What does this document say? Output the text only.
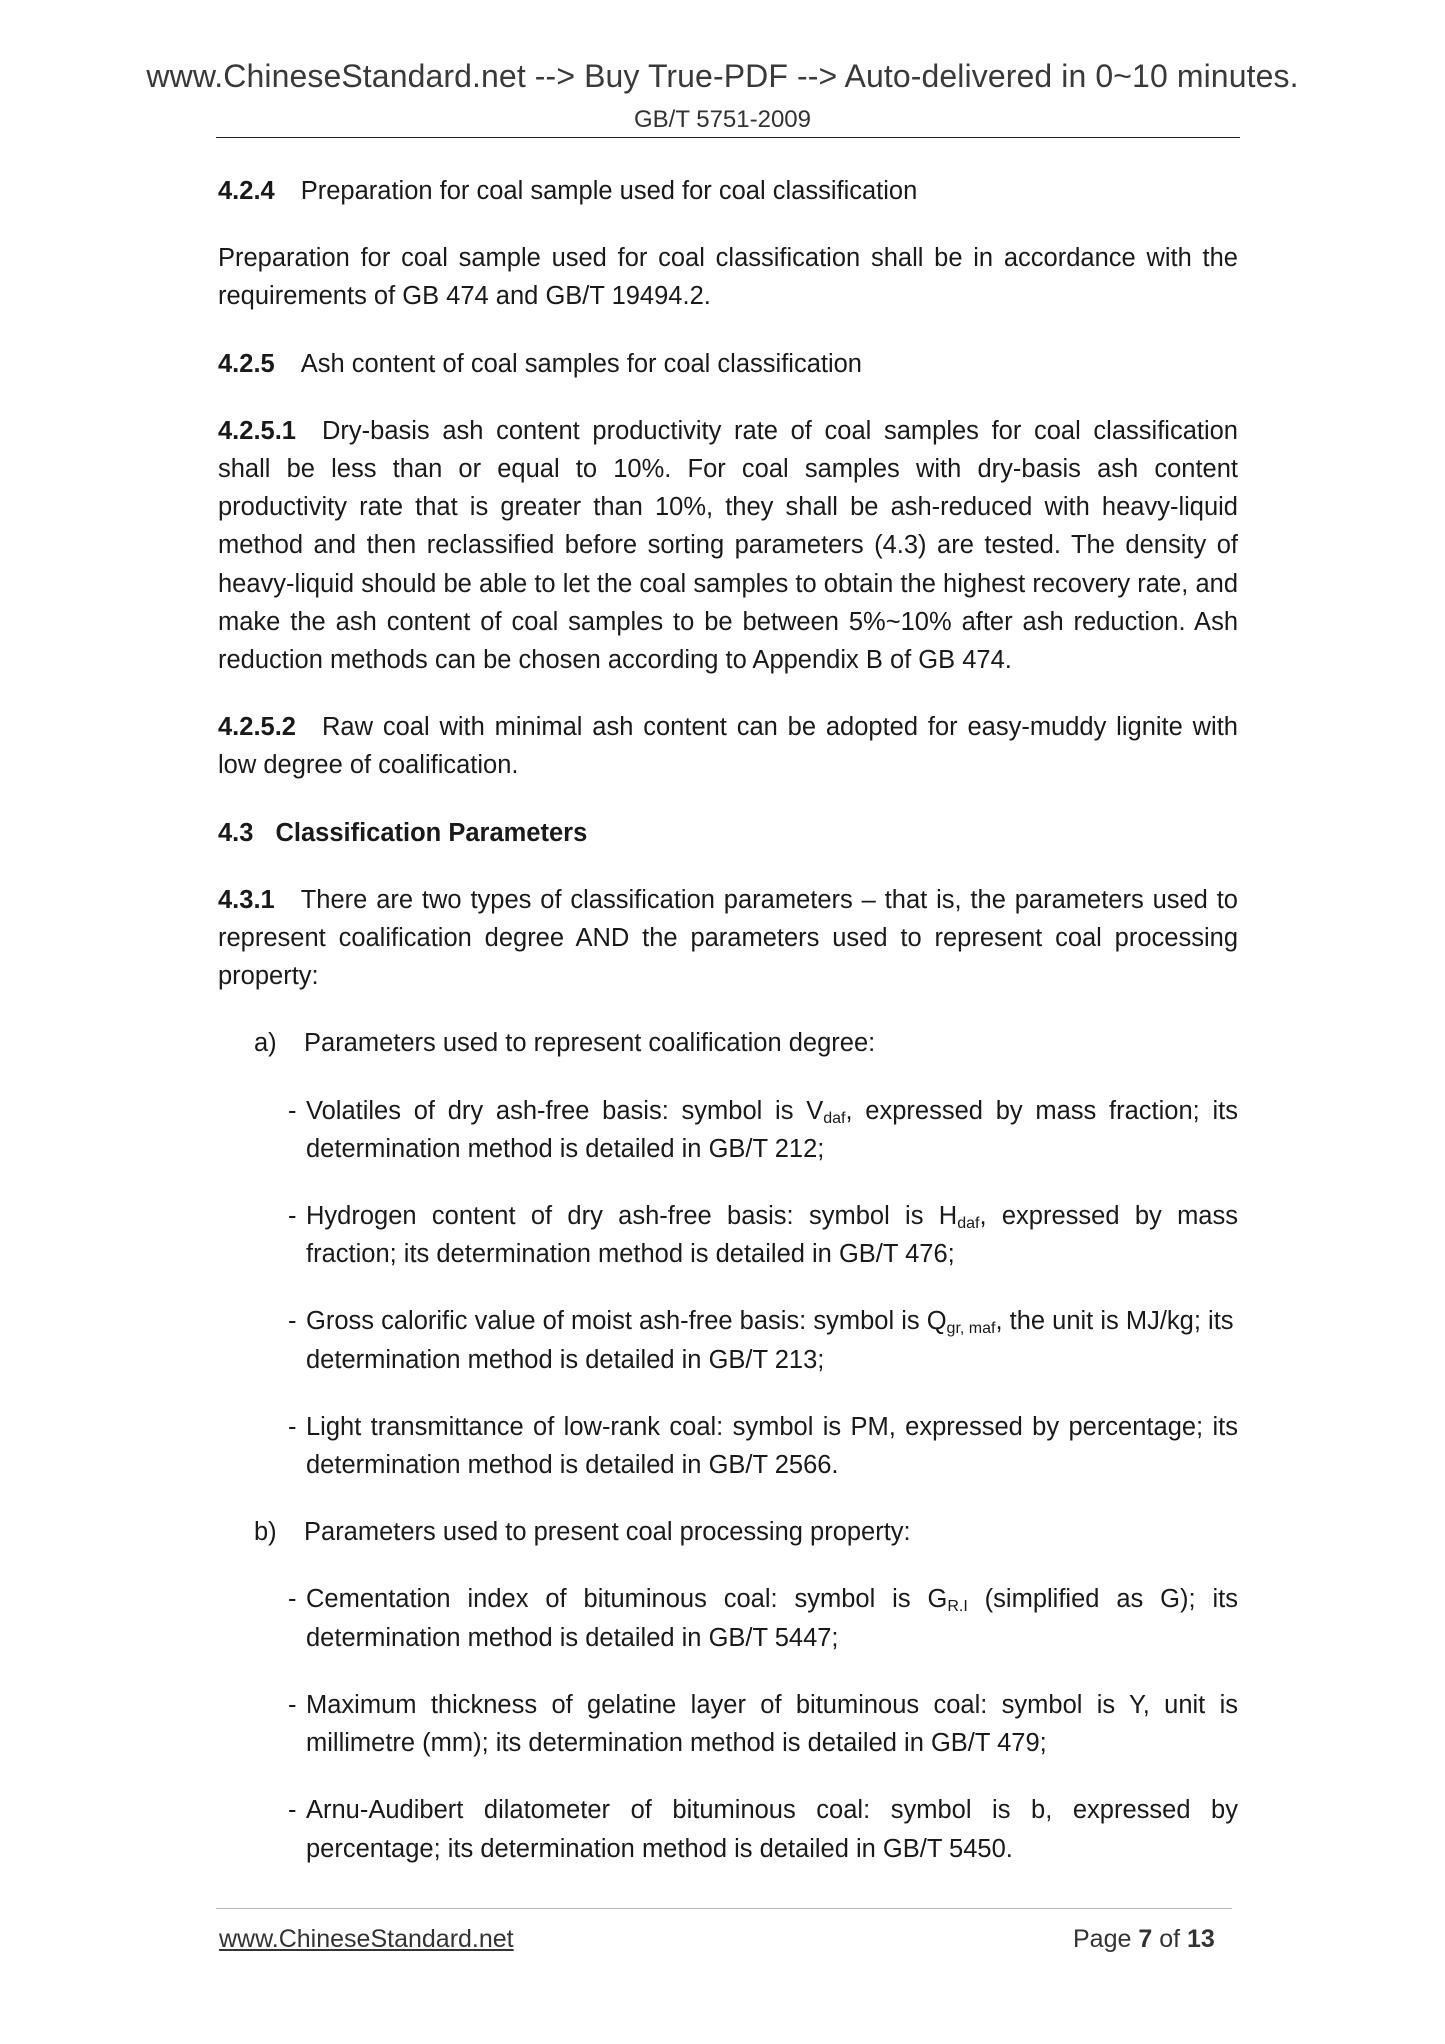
www.ChineseStandard.net --> Buy True-PDF --> Auto-delivered in 0~10 minutes.
GB/T 5751-2009

4.2.4 Preparation for coal sample used for coal classification

Preparation for coal sample used for coal classification shall be in accordance with the requirements of GB 474 and GB/T 19494.2.

4.2.5 Ash content of coal samples for coal classification

4.2.5.1 Dry-basis ash content productivity rate of coal samples for coal classification shall be less than or equal to 10%. For coal samples with dry-basis ash content productivity rate that is greater than 10%, they shall be ash-reduced with heavy-liquid method and then reclassified before sorting parameters (4.3) are tested. The density of heavy-liquid should be able to let the coal samples to obtain the highest recovery rate, and make the ash content of coal samples to be between 5%~10% after ash reduction. Ash reduction methods can be chosen according to Appendix B of GB 474.

4.2.5.2 Raw coal with minimal ash content can be adopted for easy-muddy lignite with low degree of coalification.

4.3 Classification Parameters

4.3.1 There are two types of classification parameters – that is, the parameters used to represent coalification degree AND the parameters used to represent coal processing property:

a) Parameters used to represent coalification degree:

- Volatiles of dry ash-free basis: symbol is $V_{daf}$, expressed by mass fraction; its determination method is detailed in GB/T 212;

- Hydrogen content of dry ash-free basis: symbol is $H_{daf}$, expressed by mass fraction; its determination method is detailed in GB/T 476;

- Gross calorific value of moist ash-free basis: symbol is $Q_{gr, maf}$, the unit is MJ/kg; its determination method is detailed in GB/T 213;

- Light transmittance of low-rank coal: symbol is PM, expressed by percentage; its determination method is detailed in GB/T 2566.

b) Parameters used to present coal processing property:

- Cementation index of bituminous coal: symbol is $G_{R.I}$ (simplified as G); its determination method is detailed in GB/T 5447;

- Maximum thickness of gelatine layer of bituminous coal: symbol is Y, unit is millimetre (mm); its determination method is detailed in GB/T 479;

- Arnu-Audibert dilatometer of bituminous coal: symbol is b, expressed by percentage; its determination method is detailed in GB/T 5450.

www.ChineseStandard.net	Page 7 of 13
